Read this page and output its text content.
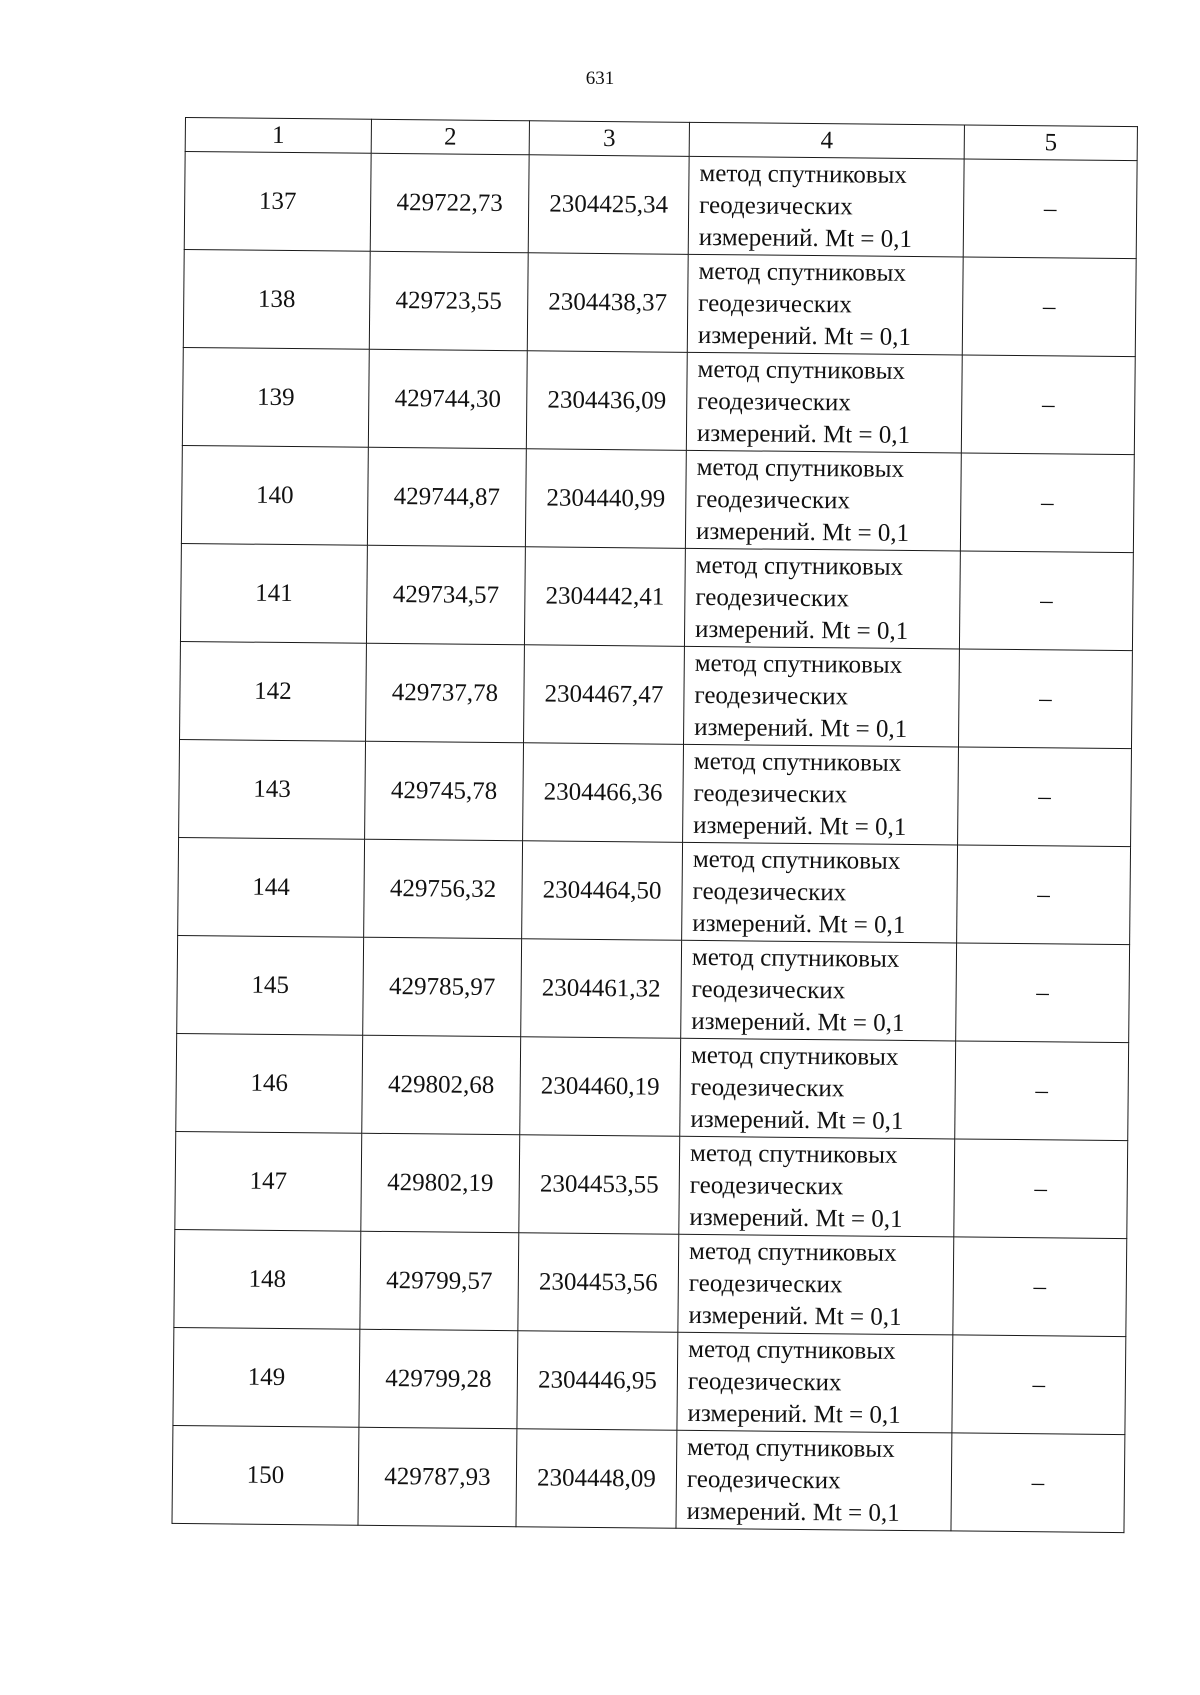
631
1	2	3	4	5
137	429722,73	2304425,34	метод спутниковых
геодезических
измерений. Mt = 0,1	–
138	429723,55	2304438,37	метод спутниковых
геодезических
измерений. Mt = 0,1	–
139	429744,30	2304436,09	метод спутниковых
геодезических
измерений. Mt = 0,1	–
140	429744,87	2304440,99	метод спутниковых
геодезических
измерений. Mt = 0,1	–
141	429734,57	2304442,41	метод спутниковых
геодезических
измерений. Mt = 0,1	–
142	429737,78	2304467,47	метод спутниковых
геодезических
измерений. Mt = 0,1	–
143	429745,78	2304466,36	метод спутниковых
геодезических
измерений. Mt = 0,1	–
144	429756,32	2304464,50	метод спутниковых
геодезических
измерений. Mt = 0,1	–
145	429785,97	2304461,32	метод спутниковых
геодезических
измерений. Mt = 0,1	–
146	429802,68	2304460,19	метод спутниковых
геодезических
измерений. Mt = 0,1	–
147	429802,19	2304453,55	метод спутниковых
геодезических
измерений. Mt = 0,1	–
148	429799,57	2304453,56	метод спутниковых
геодезических
измерений. Mt = 0,1	–
149	429799,28	2304446,95	метод спутниковых
геодезических
измерений. Mt = 0,1	–
150	429787,93	2304448,09	метод спутниковых
геодезических
измерений. Mt = 0,1	–
